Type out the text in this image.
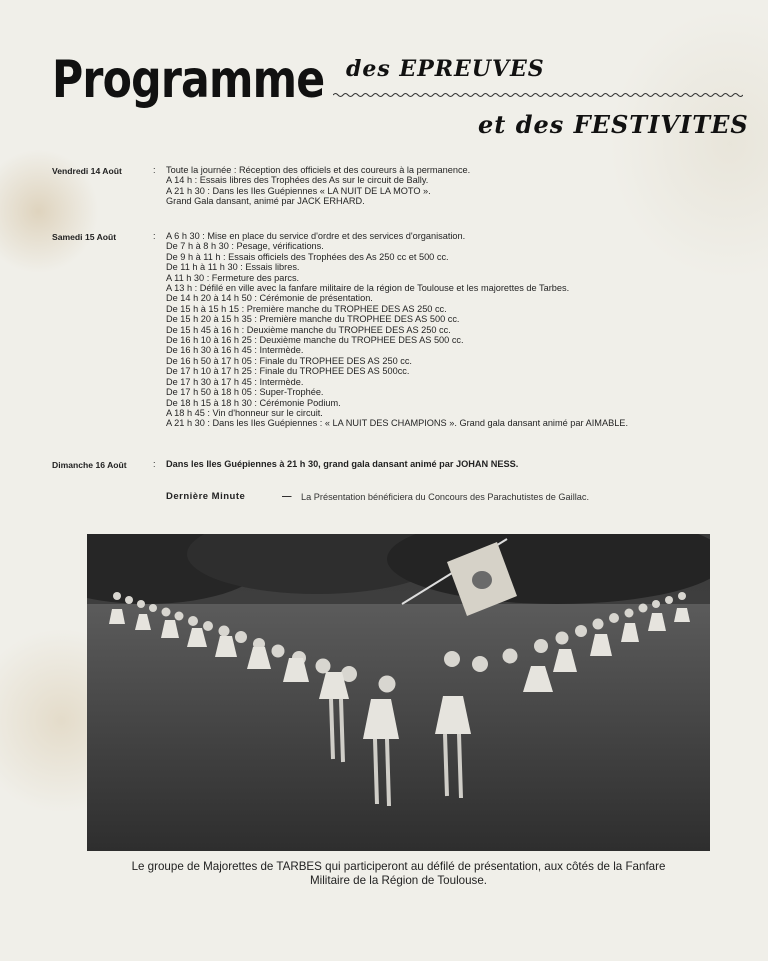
Programme des EPREUVES
et des FESTIVITES
Vendredi 14 Août	: Toute la journée : Réception des officiels et des coureurs à la permanence.
A 14 h : Essais libres des Trophées des As sur le circuit de Bally.
A 21 h 30 : Dans les Iles Guépiennes « LA NUIT DE LA MOTO ».
Grand Gala dansant, animé par JACK ERHARD.
Samedi 15 Août	: A 6 h 30 : Mise en place du service d'ordre et des services d'organisation.
De 7 h à 8 h 30 : Pesage, vérifications.
De 9 h à 11 h : Essais officiels des Trophées des As 250 cc et 500 cc.
De 11 h à 11 h 30 : Essais libres.
A 11 h 30 : Fermeture des parcs.
A 13 h : Défilé en ville avec la fanfare militaire de la région de Toulouse et les majorettes de Tarbes.
De 14 h 20 à 14 h 50 : Cérémonie de présentation.
De 15 h à 15 h 15 : Première manche du TROPHEE DES AS 250 cc.
De 15 h 20 à 15 h 35 : Première manche du TROPHEE DES AS 500 cc.
De 15 h 45 à 16 h : Deuxième manche du TROPHEE DES AS 250 cc.
De 16 h 10 à 16 h 25 : Deuxième manche du TROPHEE DES AS 500 cc.
De 16 h 30 à 16 h 45 : Intermède.
De 16 h 50 à 17 h 05 : Finale du TROPHEE DES AS 250 cc.
De 17 h 10 à 17 h 25 : Finale du TROPHEE DES AS 500cc.
De 17 h 30 à 17 h 45 : Intermède.
De 17 h 50 à 18 h 05 : Super-Trophée.
De 18 h 15 à 18 h 30 : Cérémonie Podium.
A 18 h 45 : Vin d'honneur sur le circuit.
A 21 h 30 : Dans les Iles Guépiennes : « LA NUIT DES CHAMPIONS ». Grand gala dansant animé par AIMABLE.
Dimanche 16 Août	: Dans les Iles Guépiennes à 21 h 30, grand gala dansant animé par JOHAN NESS.
Dernière Minute	— La Présentation bénéficiera du Concours des Parachutistes de Gaillac.
Le groupe de Majorettes de TARBES qui participeront au défilé de présentation, aux côtés de la Fanfare
Militaire de la Région de Toulouse.
